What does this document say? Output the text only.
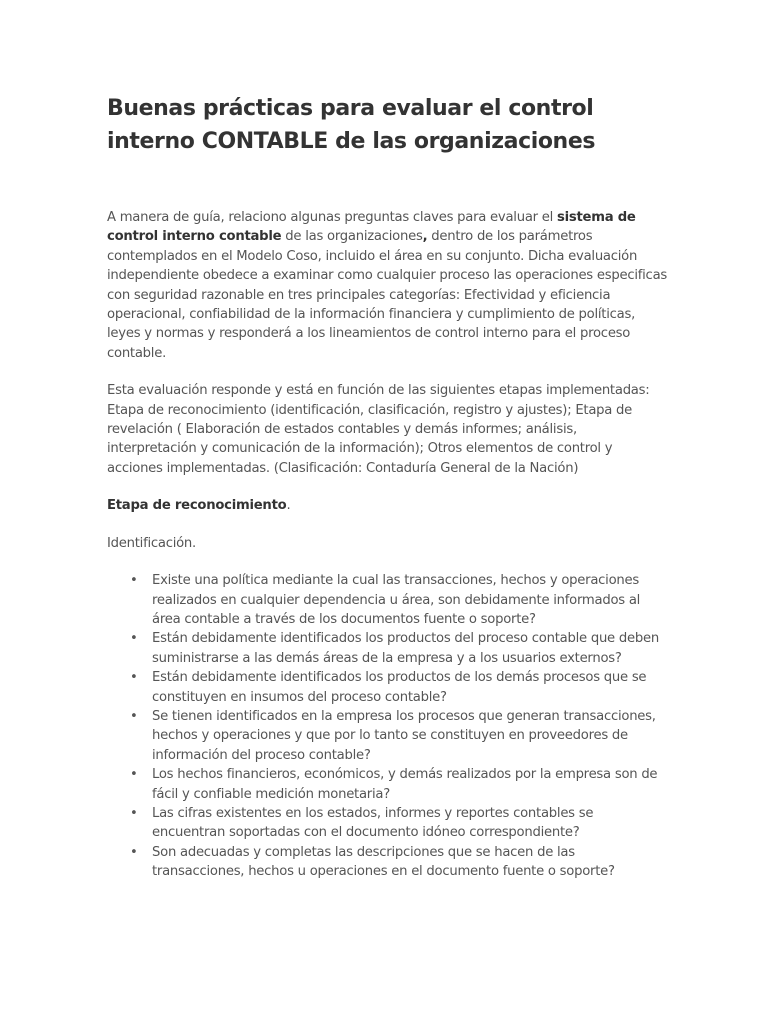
Buenas prácticas para evaluar el control interno CONTABLE de las organizaciones

A manera de guía, relaciono algunas preguntas claves para evaluar el sistema de control interno contable de las organizaciones, dentro de los parámetros contemplados en el Modelo Coso, incluido el área en su conjunto. Dicha evaluación independiente obedece a examinar como cualquier proceso las operaciones especificas con seguridad razonable en tres principales categorías: Efectividad y eficiencia operacional, confiabilidad de la información financiera y cumplimiento de políticas, leyes y normas y responderá a los lineamientos de control interno para el proceso contable.

Esta evaluación responde y está en función de las siguientes etapas implementadas: Etapa de reconocimiento (identificación, clasificación, registro y ajustes); Etapa de revelación ( Elaboración de estados contables y demás informes; análisis, interpretación y comunicación de la información); Otros elementos de control y acciones implementadas. (Clasificación: Contaduría General de la Nación)

Etapa de reconocimiento.

Identificación.

• Existe una política mediante la cual las transacciones, hechos y operaciones realizados en cualquier dependencia u área, son debidamente informados al área contable a través de los documentos fuente o soporte?
• Están debidamente identificados los productos del proceso contable que deben suministrarse a las demás áreas de la empresa y a los usuarios externos?
• Están debidamente identificados los productos de los demás procesos que se constituyen en insumos del proceso contable?
• Se tienen identificados en la empresa los procesos que generan transacciones, hechos y operaciones y que por lo tanto se constituyen en proveedores de información del proceso contable?
• Los hechos financieros, económicos, y demás realizados por la empresa son de fácil y confiable medición monetaria?
• Las cifras existentes en los estados, informes y reportes contables se encuentran soportadas con el documento idóneo correspondiente?
• Son adecuadas y completas las descripciones que se hacen de las transacciones, hechos u operaciones en el documento fuente o soporte?
